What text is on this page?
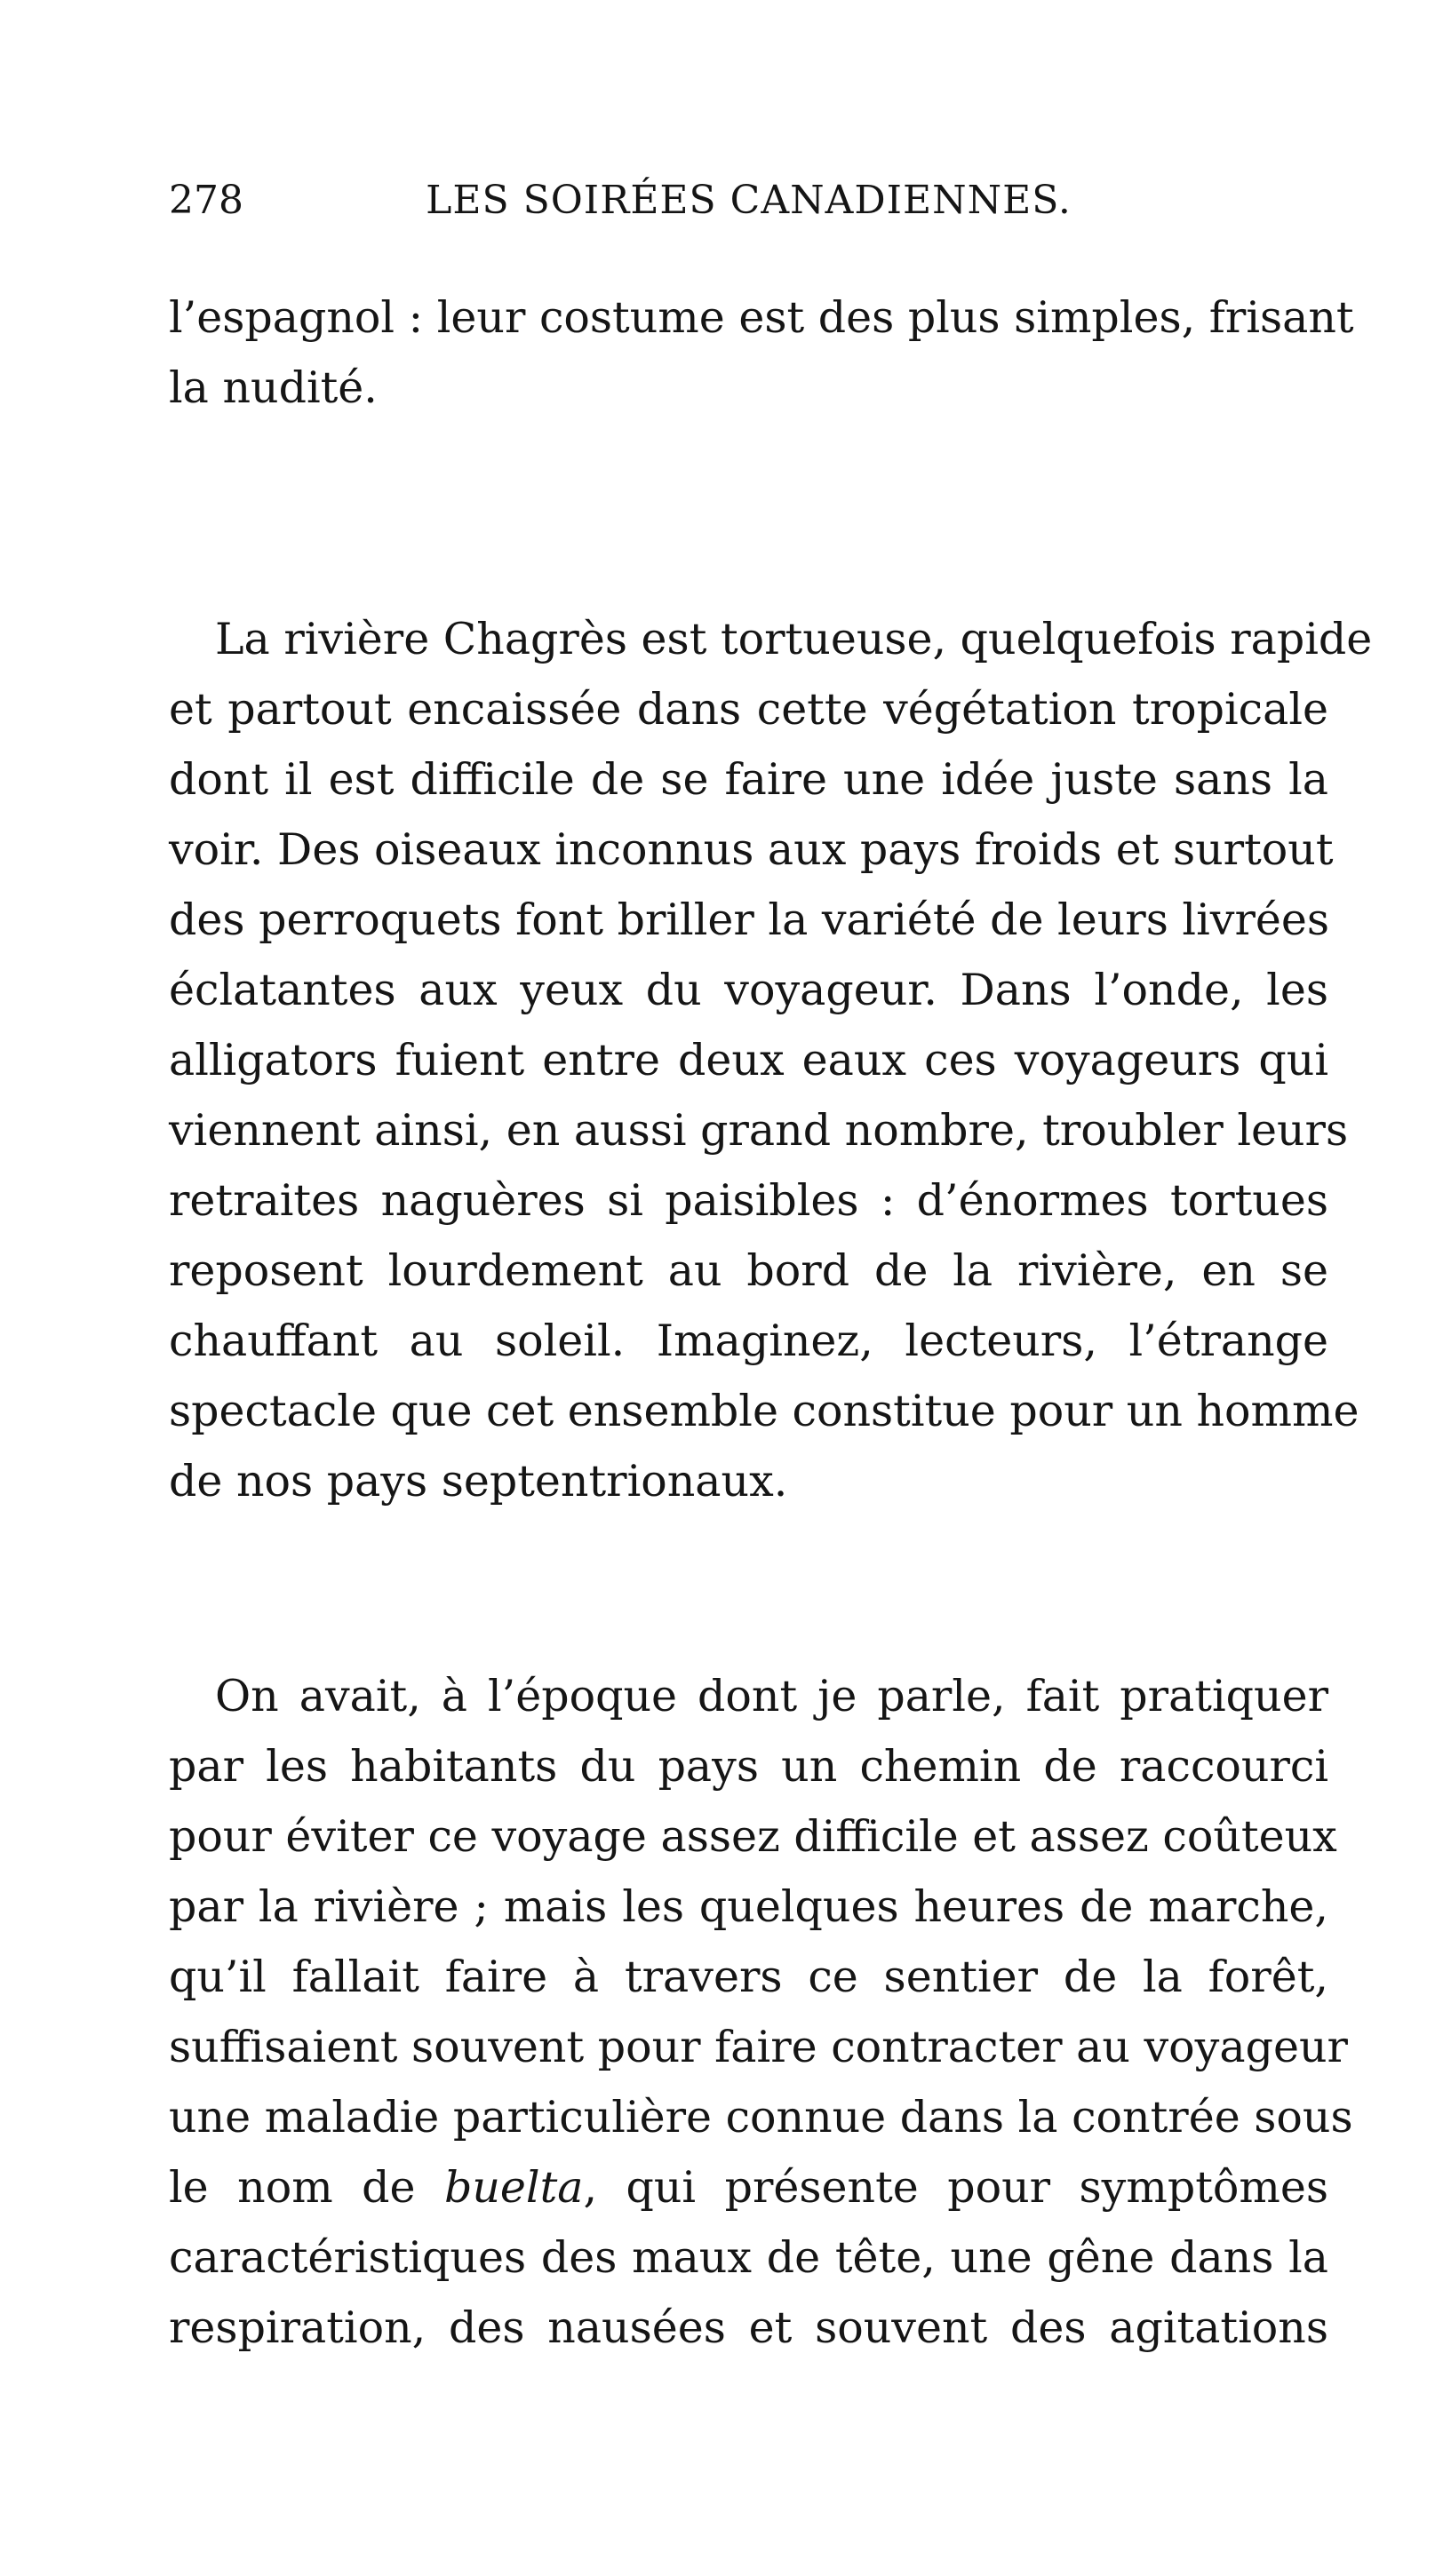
278	LES SOIRÉES CANADIENNES.
l’espagnol : leur costume est des plus simples, frisant
la nudité.
La rivière Chagrès est tortueuse, quelquefois rapide
et partout encaissée dans cette végétation tropicale
dont il est difficile de se faire une idée juste sans la
voir. Des oiseaux inconnus aux pays froids et surtout
des perroquets font briller la variété de leurs livrées
éclatantes aux yeux du voyageur. Dans l’onde, les
alligators fuient entre deux eaux ces voyageurs qui
viennent ainsi, en aussi grand nombre, troubler leurs
retraites naguères si paisibles : d’énormes tortues
reposent lourdement au bord de la rivière, en se
chauffant au soleil. Imaginez, lecteurs, l’étrange
spectacle que cet ensemble constitue pour un homme
de nos pays septentrionaux.
On avait, à l’époque dont je parle, fait pratiquer
par les habitants du pays un chemin de raccourci
pour éviter ce voyage assez difficile et assez coûteux
par la rivière ; mais les quelques heures de marche,
qu’il fallait faire à travers ce sentier de la forêt,
suffisaient souvent pour faire contracter au voyageur
une maladie particulière connue dans la contrée sous
le nom de buelta, qui présente pour symptômes
caractéristiques des maux de tête, une gêne dans la
respiration, des nausées et souvent des agitations
